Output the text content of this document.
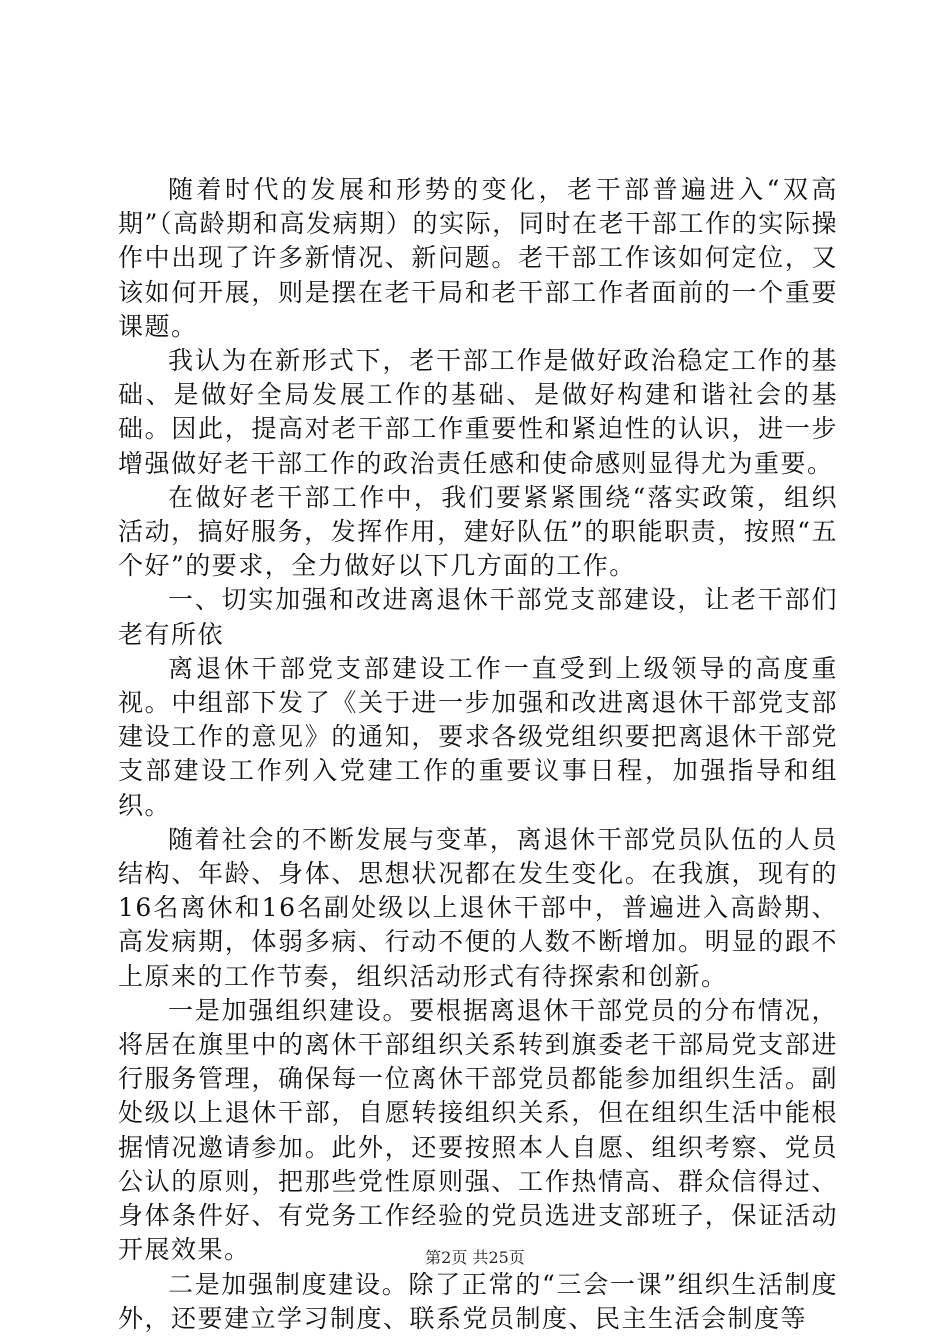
随着时代的发展和形势的变化，老干部普遍进入“双高期”（高龄期和高发病期）的实际，同时在老干部工作的实际操作中出现了许多新情况、新问题。老干部工作该如何定位，又该如何开展，则是摆在老干局和老干部工作者面前的一个重要课题。

我认为在新形式下，老干部工作是做好政治稳定工作的基础、是做好全局发展工作的基础、是做好构建和谐社会的基础。因此，提高对老干部工作重要性和紧迫性的认识，进一步增强做好老干部工作的政治责任感和使命感则显得尤为重要。

在做好老干部工作中，我们要紧紧围绕“落实政策，组织活动，搞好服务，发挥作用，建好队伍”的职能职责，按照“五个好”的要求，全力做好以下几方面的工作。

一、切实加强和改进离退休干部党支部建设，让老干部们老有所依

离退休干部党支部建设工作一直受到上级领导的高度重视。中组部下发了《关于进一步加强和改进离退休干部党支部建设工作的意见》的通知，要求各级党组织要把离退休干部党支部建设工作列入党建工作的重要议事日程，加强指导和组织。

随着社会的不断发展与变革，离退休干部党员队伍的人员结构、年龄、身体、思想状况都在发生变化。在我旗，现有的16名离休和16名副处级以上退休干部中，普遍进入高龄期、高发病期，体弱多病、行动不便的人数不断增加。明显的跟不上原来的工作节奏，组织活动形式有待探索和创新。

一是加强组织建设。要根据离退休干部党员的分布情况，将居在旗里中的离休干部组织关系转到旗委老干部局党支部进行服务管理，确保每一位离休干部党员都能参加组织生活。副处级以上退休干部，自愿转接组织关系，但在组织生活中能根据情况邀请参加。此外，还要按照本人自愿、组织考察、党员公认的原则，把那些党性原则强、工作热情高、群众信得过、身体条件好、有党务工作经验的党员选进支部班子，保证活动开展效果。

二是加强制度建设。除了正常的“三会一课”组织生活制度外，还要建立学习制度、联系党员制度、民主生活会制度等

第2页 共25页
